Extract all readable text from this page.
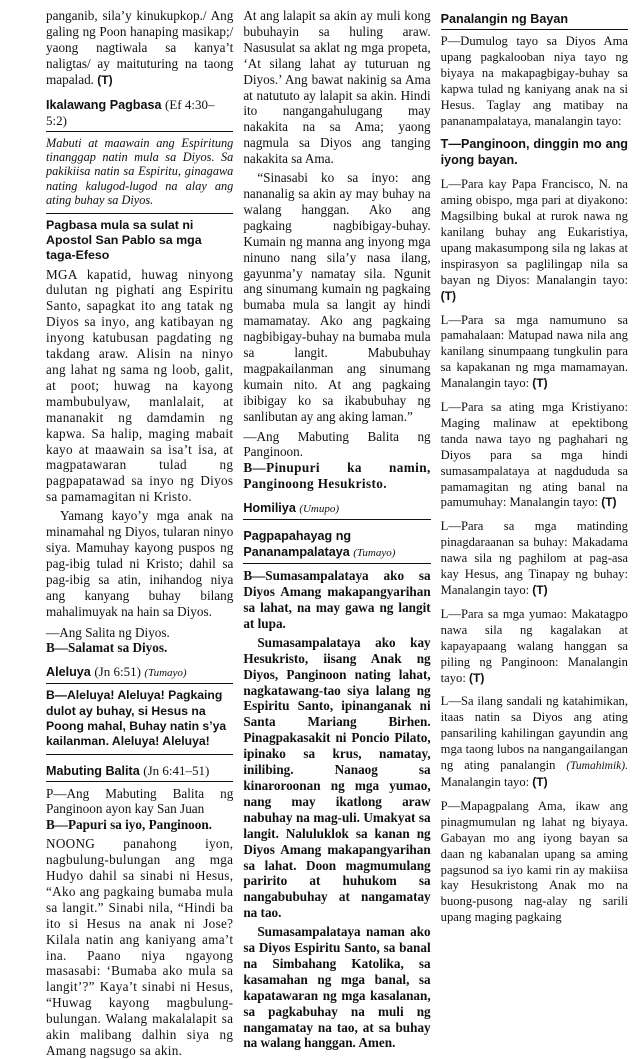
panganib, sila’y kinukupkop./ Ang galing ng Poon hanaping masikap;/ yaong nagtiwala sa kanya’t naligtas/ ay maituturing na taong mapalad. (T)

Ikalawang Pagbasa (Ef 4:30–5:2)

Mabuti at maawain ang Espiritung tinanggap natin mula sa Diyos. Sa pakikiisa natin sa Espiritu, ginagawa nating kalugod-lugod na alay ang ating buhay sa Diyos.

Pagbasa mula sa sulat ni Apostol San Pablo sa mga taga-Efeso

MGA kapatid, huwag ninyong dulutan ng pighati ang Espiritu Santo, sapagkat ito ang tatak ng Diyos sa inyo, ang katibayan ng inyong katubusan pagdating ng takdang araw. Alisin na ninyo ang lahat ng sama ng loob, galit, at poot; huwag na kayong mambubulyaw, manlalait, at mananakit ng damdamin ng kapwa. Sa halip, maging mabait kayo at maawain sa isa’t isa, at magpatawaran tulad ng pagpapatawad sa inyo ng Diyos sa pamamagitan ni Kristo.

Yamang kayo’y mga anak na minamahal ng Diyos, tularan ninyo siya. Mamuhay kayong puspos ng pag-ibig tulad ni Kristo; dahil sa pag-ibig sa atin, inihandog niya ang kanyang buhay bilang mahalimuyak na hain sa Diyos.

—Ang Salita ng Diyos.

B—Salamat sa Diyos.

Aleluya (Jn 6:51) (Tumayo)
B—Aleluya! Aleluya! Pagkaing dulot ay buhay, si Hesus na Poong mahal, Buhay natin s’ya kailanman. Aleluya! Aleluya!
Mabuting Balita (Jn 6:41–51)

P—Ang Mabuting Balita ng Panginoon ayon kay San Juan

B—Papuri sa iyo, Panginoon.

NOONG panahong iyon, nagbulung-bulungan ang mga Hudyo dahil sa sinabi ni Hesus, “Ako ang pagkaing bumaba mula sa langit.” Sinabi nila, “Hindi ba ito si Hesus na anak ni Jose? Kilala natin ang kaniyang ama’t ina. Paano niya ngayong masasabi: ‘Bumaba ako mula sa langit’?” Kaya’t sinabi ni Hesus, “Huwag kayong magbulung-bulungan. Walang makalalapit sa akin malibang dalhin siya ng Amang nagsugo sa akin.

At ang lalapit sa akin ay muli kong bubuhayin sa huling araw. Nasusulat sa aklat ng mga propeta, ‘At silang lahat ay tuturuan ng Diyos.’ Ang bawat nakinig sa Ama at natututo ay lalapit sa akin. Hindi ito nangangahulugang may nakakita na sa Ama; yaong nagmula sa Diyos ang tanging nakakita sa Ama.

“Sinasabi ko sa inyo: ang nananalig sa akin ay may buhay na walang hanggan. Ako ang pagkaing nagbibigay-buhay. Kumain ng manna ang inyong mga ninuno nang sila’y nasa ilang, gayunma’y namatay sila. Ngunit ang sinumang kumain ng pagkaing bumaba mula sa langit ay hindi mamamatay. Ako ang pagkaing nagbibigay-buhay na bumaba mula sa langit. Mabubuhay magpakailanman ang sinumang kumain nito. At ang pagkaing ibibigay ko sa ikabubuhay ng sanlibutan ay ang aking laman.”

—Ang Mabuting Balita ng Panginoon.

B—Pinupuri ka namin, Panginoong Hesukristo.

Homiliya (Umupo)
Pagpapahayag ng Pananampalataya (Tumayo)

B—Sumasampalataya ako sa Diyos Amang makapangyarihan sa lahat, na may gawa ng langit at lupa.

Sumasampalataya ako kay Hesukristo, iisang Anak ng Diyos, Panginoon nating lahat, nagkatawang-tao siya lalang ng Espiritu Santo, ipinanganak ni Santa Mariang Birhen. Pinagpakasakit ni Poncio Pilato, ipinako sa krus, namatay, inilibing. Nanaog sa kinaroroonan ng mga yumao, nang may ikatlong araw nabuhay na mag-uli. Umakyat sa langit. Naluluklok sa kanan ng Diyos Amang makapangyarihan sa lahat. Doon magmumulang paririto at huhukom sa nangabubuhay at nangamatay na tao.

Sumasampalataya naman ako sa Diyos Espiritu Santo, sa banal na Simbahang Katolika, sa kasamahan ng mga banal, sa kapatawaran ng mga kasalanan, sa pagkabuhay na muli ng nangamatay na tao, at sa buhay na walang hanggan. Amen.

Panalangin ng Bayan

P—Dumulog tayo sa Diyos Ama upang pagkalooban niya tayo ng biyaya na makapagbigay-buhay sa kapwa tulad ng kaniyang anak na si Hesus. Taglay ang matibay na pananampalataya, manalangin tayo:

T—Panginoon, dinggin mo ang iyong bayan.

L—Para kay Papa Francisco, N. na aming obispo, mga pari at diyakono: Magsilbing bukal at rurok nawa ng kanilang buhay ang Eukaristiya, upang makasumpong sila ng lakas at inspirasyon sa paglilingap nila sa bayan ng Diyos: Manalangin tayo: (T)

L—Para sa mga namumuno sa pamahalaan: Matupad nawa nila ang kanilang sinumpaang tungkulin para sa kapakanan ng mga mamamayan. Manalangin tayo: (T)

L—Para sa ating mga Kristiyano: Maging malinaw at epektibong tanda nawa tayo ng paghahari ng Diyos para sa mga hindi sumasampalataya at nagdududa sa pamamagitan ng ating banal na pamumuhay: Manalangin tayo: (T)

L—Para sa mga matinding pinagdaraanan sa buhay: Makadama nawa sila ng paghilom at pag-asa kay Hesus, ang Tinapay ng buhay: Manalangin tayo: (T)

L—Para sa mga yumao: Makatagpo nawa sila ng kagalakan at kapayapaang walang hanggan sa piling ng Panginoon: Manalangin tayo: (T)

L—Sa ilang sandali ng katahimikan, itaas natin sa Diyos ang ating pansariling kahilingan gayundin ang mga taong lubos na nangangailangan ng ating panalangin (Tumahimik). Manalangin tayo: (T)

P—Mapagpalang Ama, ikaw ang pinagmumulan ng lahat ng biyaya. Gabayan mo ang iyong bayan sa daan ng kabanalan upang sa aming pagsunod sa iyo kami rin ay makiisa kay Hesukristong Anak mo na buong-pusong nag-alay ng sarili upang maging pagkaing
